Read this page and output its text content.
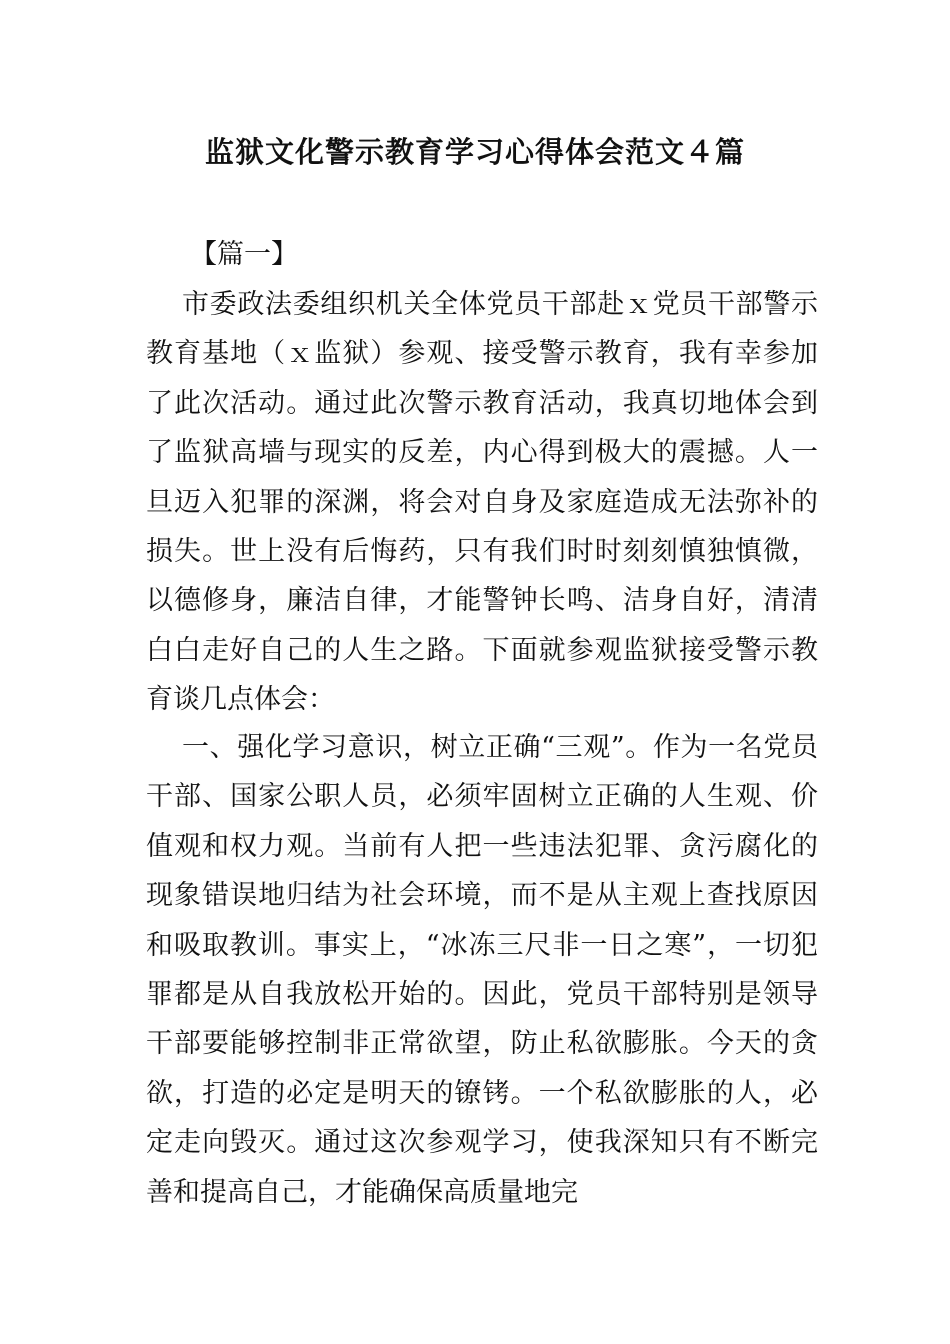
监狱文化警示教育学习心得体会范文４篇
【篇一】

市委政法委组织机关全体党员干部赴ｘ党员干部警示教育基地（ｘ监狱）参观、接受警示教育，我有幸参加了此次活动。通过此次警示教育活动，我真切地体会到了监狱高墙与现实的反差，内心得到极大的震撼。人一旦迈入犯罪的深渊，将会对自身及家庭造成无法弥补的损失。世上没有后悔药，只有我们时时刻刻慎独慎微，以德修身，廉洁自律，才能警钟长鸣、洁身自好，清清白白走好自己的人生之路。下面就参观监狱接受警示教育谈几点体会：

一、强化学习意识，树立正确“三观”。作为一名党员干部、国家公职人员，必须牢固树立正确的人生观、价值观和权力观。当前有人把一些违法犯罪、贪污腐化的现象错误地归结为社会环境，而不是从主观上查找原因和吸取教训。事实上，“冰冻三尺非一日之寒”，一切犯罪都是从自我放松开始的。因此，党员干部特别是领导干部要能够控制非正常欲望，防止私欲膨胀。今天的贪欲，打造的必定是明天的镣铐。一个私欲膨胀的人，必定走向毁灭。通过这次参观学习，使我深知只有不断完善和提高自己，才能确保高质量地完
